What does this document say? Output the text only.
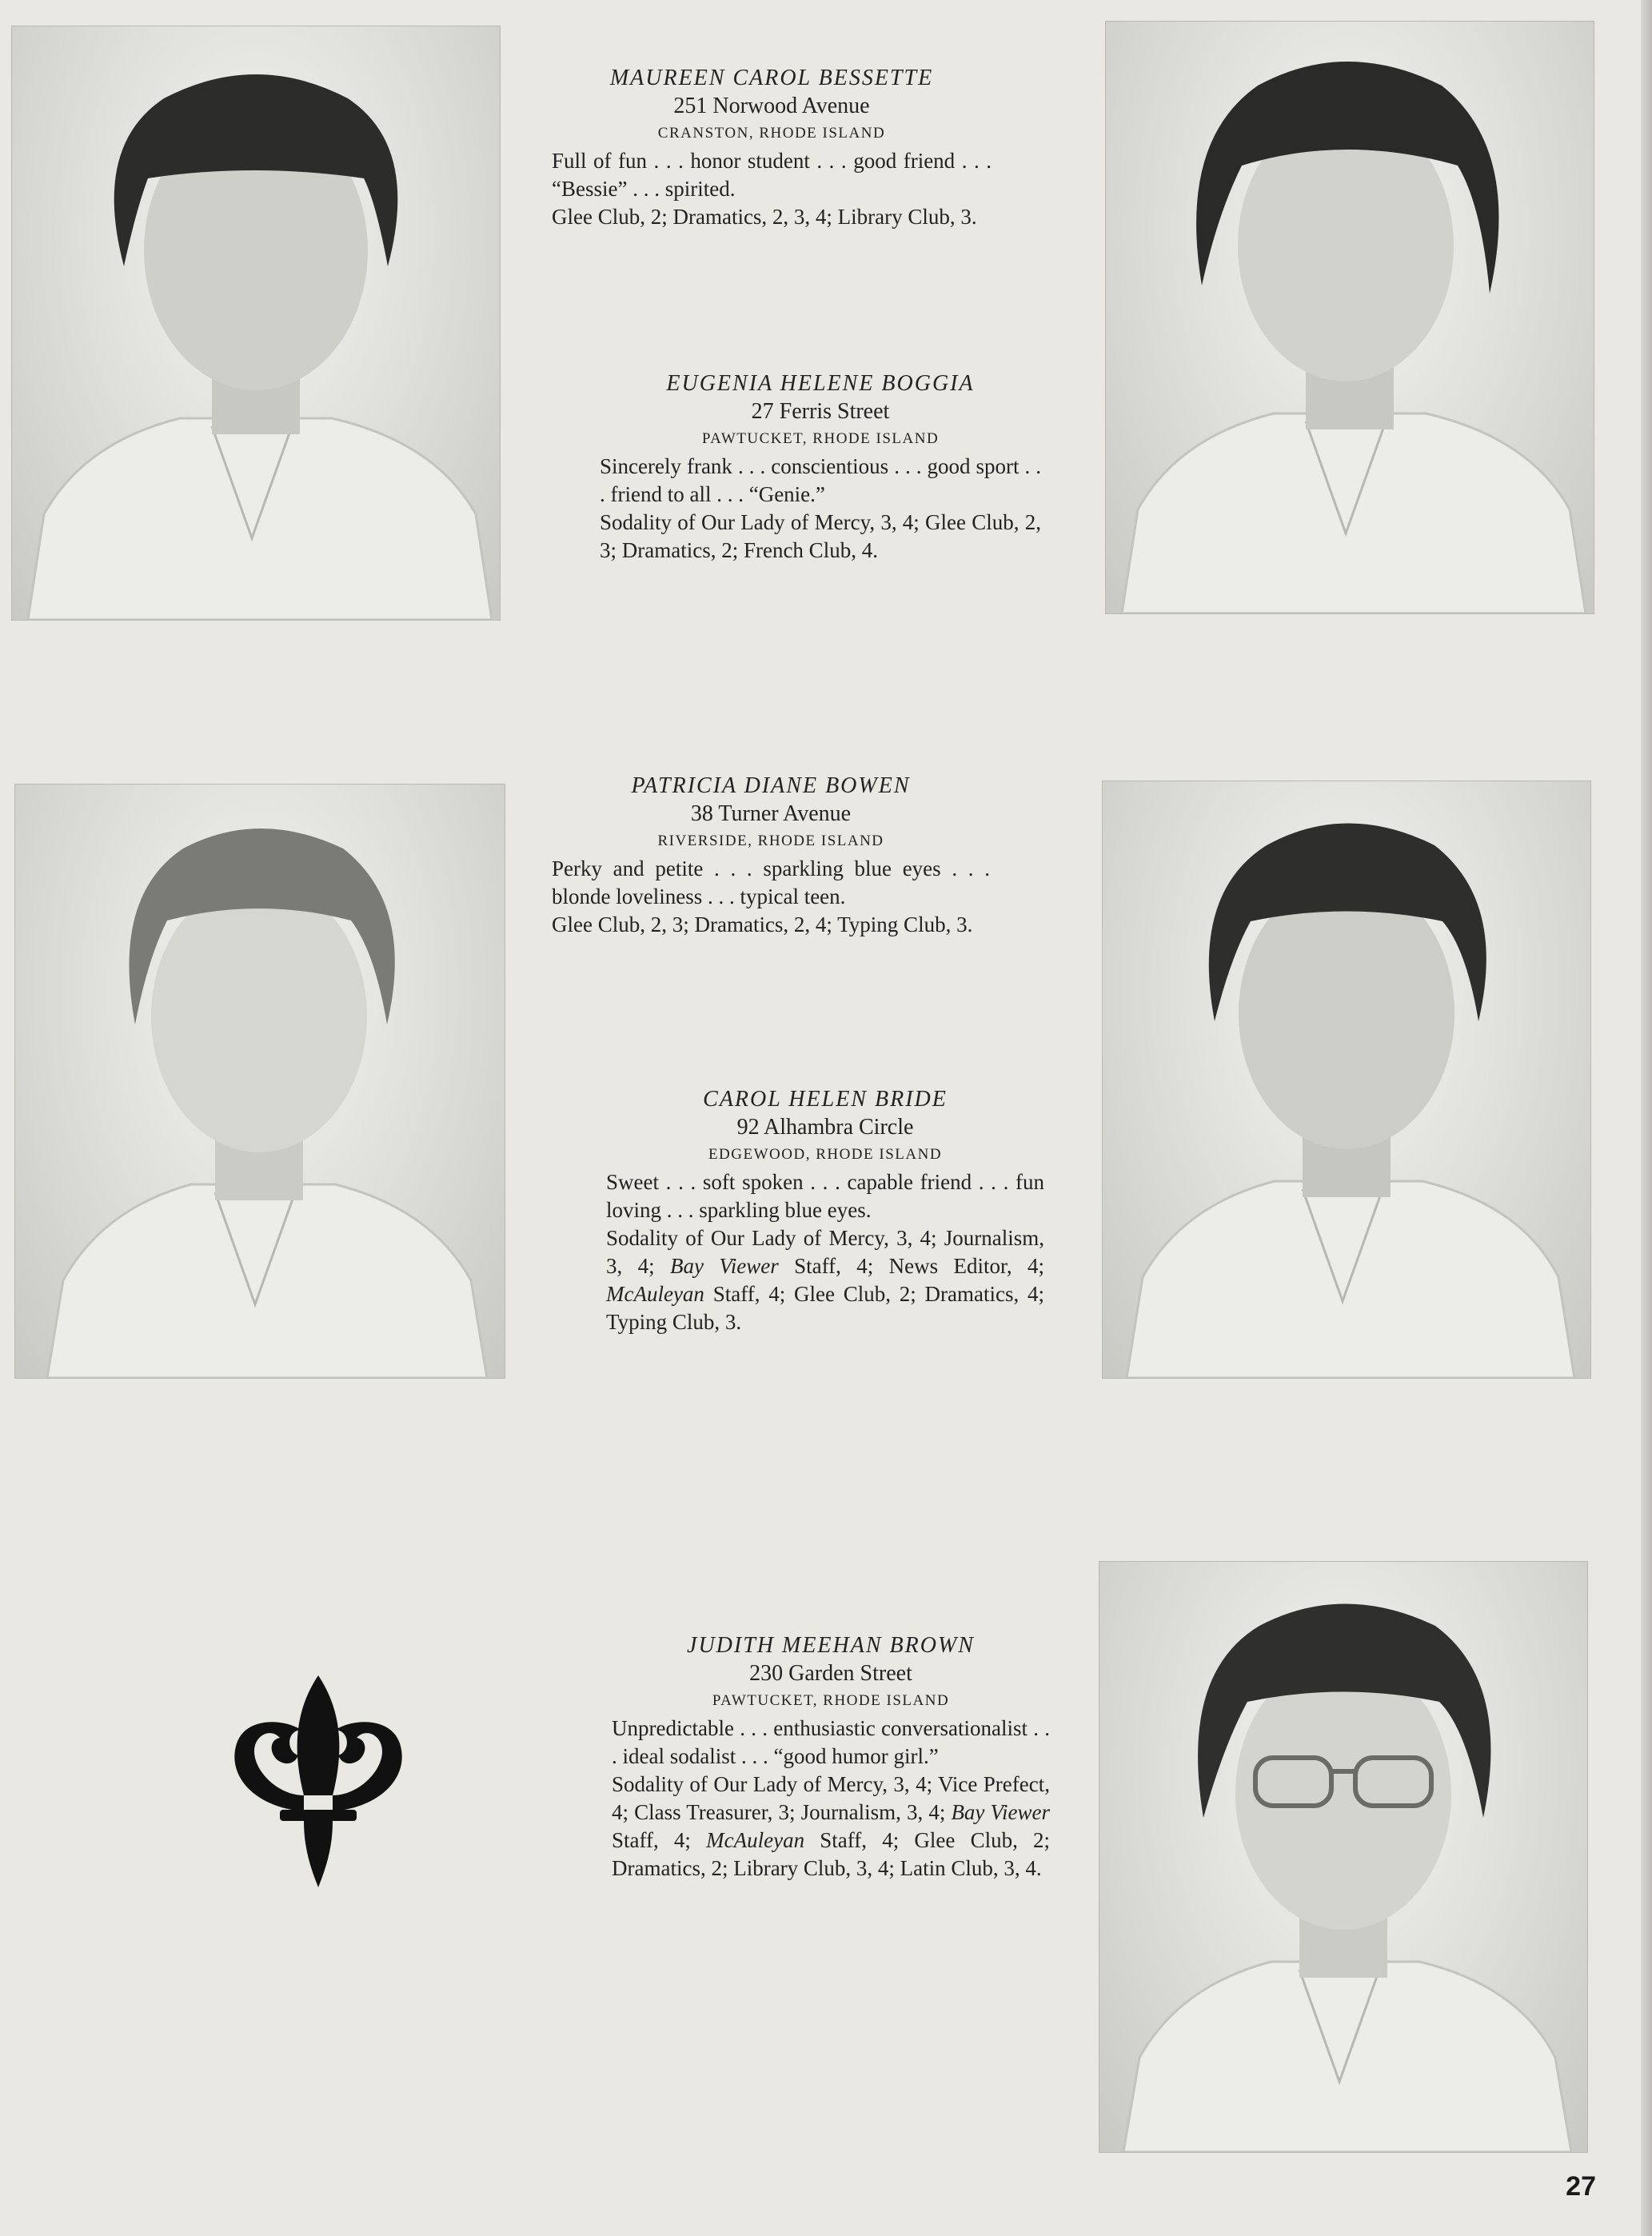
MAUREEN CAROL BESSETTE
251 Norwood Avenue
CRANSTON, RHODE ISLAND
Full of fun . . . honor student . . . good friend . . . “Bessie” . . . spirited.
Glee Club, 2; Dramatics, 2, 3, 4; Library Club, 3.
EUGENIA HELENE BOGGIA
27 Ferris Street
PAWTUCKET, RHODE ISLAND
Sincerely frank . . . conscientious . . . good sport . . . friend to all . . . “Genie.”
Sodality of Our Lady of Mercy, 3, 4; Glee Club, 2, 3; Dramatics, 2; French Club, 4.
PATRICIA DIANE BOWEN
38 Turner Avenue
RIVERSIDE, RHODE ISLAND
Perky and petite . . . sparkling blue eyes . . . blonde loveliness . . . typical teen.
Glee Club, 2, 3; Dramatics, 2, 4; Typing Club, 3.
CAROL HELEN BRIDE
92 Alhambra Circle
EDGEWOOD, RHODE ISLAND
Sweet . . . soft spoken . . . capable friend . . . fun loving . . . sparkling blue eyes.
Sodality of Our Lady of Mercy, 3, 4; Journalism, 3, 4; Bay Viewer Staff, 4; News Editor, 4; McAuleyan Staff, 4; Glee Club, 2; Dramatics, 4; Typing Club, 3.
JUDITH MEEHAN BROWN
230 Garden Street
PAWTUCKET, RHODE ISLAND
Unpredictable . . . enthusiastic conversationalist . . . ideal sodalist . . . “good humor girl.”
Sodality of Our Lady of Mercy, 3, 4; Vice Prefect, 4; Class Treasurer, 3; Journalism, 3, 4; Bay Viewer Staff, 4; McAuleyan Staff, 4; Glee Club, 2; Dramatics, 2; Library Club, 3, 4; Latin Club, 3, 4.
27
